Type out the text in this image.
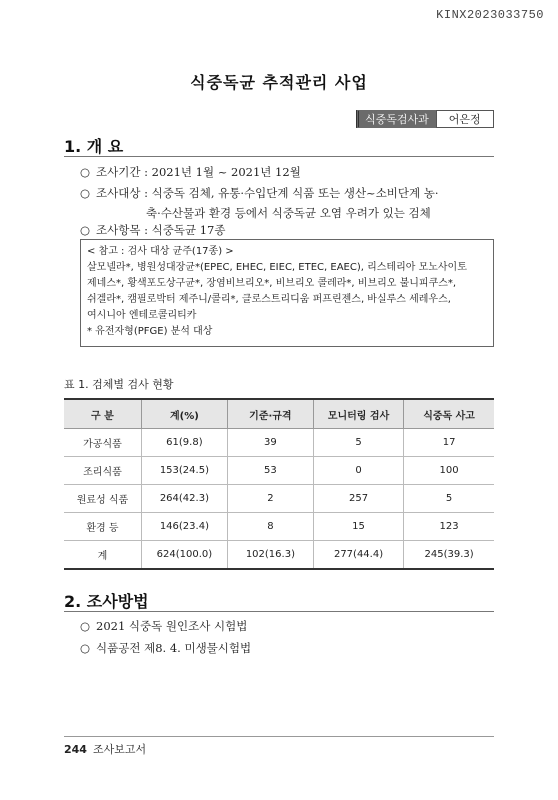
KINX2023033750
식중독균 추적관리 사업
식중독검사과	어은정
1. 개 요
○ 조사기간 : 2021년 1월 ~ 2021년 12월
○ 조사대상 : 식중독 검체, 유통·수입단계 식품 또는 생산~소비단계 농·
축·수산물과 환경 등에서 식중독균 오염 우려가 있는 검체
○ 조사항목 : 식중독균 17종
< 참고 : 검사 대상 균주(17종) >
살모넬라*, 병원성대장균*(EPEC, EHEC, EIEC, ETEC, EAEC), 리스테리아 모노사이토
제네스*, 황색포도상구균*, 장염비브리오*, 비브리오 콜레라*, 비브리오 불니피쿠스*,
쉬겔라*, 캠필로박터 제주니/콜리*, 클로스트리디움 퍼프린젠스, 바실루스 세레우스,
여시니아 엔테로콜리티카
* 유전자형(PFGE) 분석 대상
표 1. 검체별 검사 현황
구 분	계(%)	기준·규격	모니터링 검사	식중독 사고
가공식품	61(9.8)	39	5	17
조리식품	153(24.5)	53	0	100
원료성 식품	264(42.3)	2	257	5
환경 등	146(23.4)	8	15	123
계	624(100.0)	102(16.3)	277(44.4)	245(39.3)
2. 조사방법
○ 2021 식중독 원인조사 시험법
○ 식품공전 제8. 4. 미생물시험법
244 조사보고서
